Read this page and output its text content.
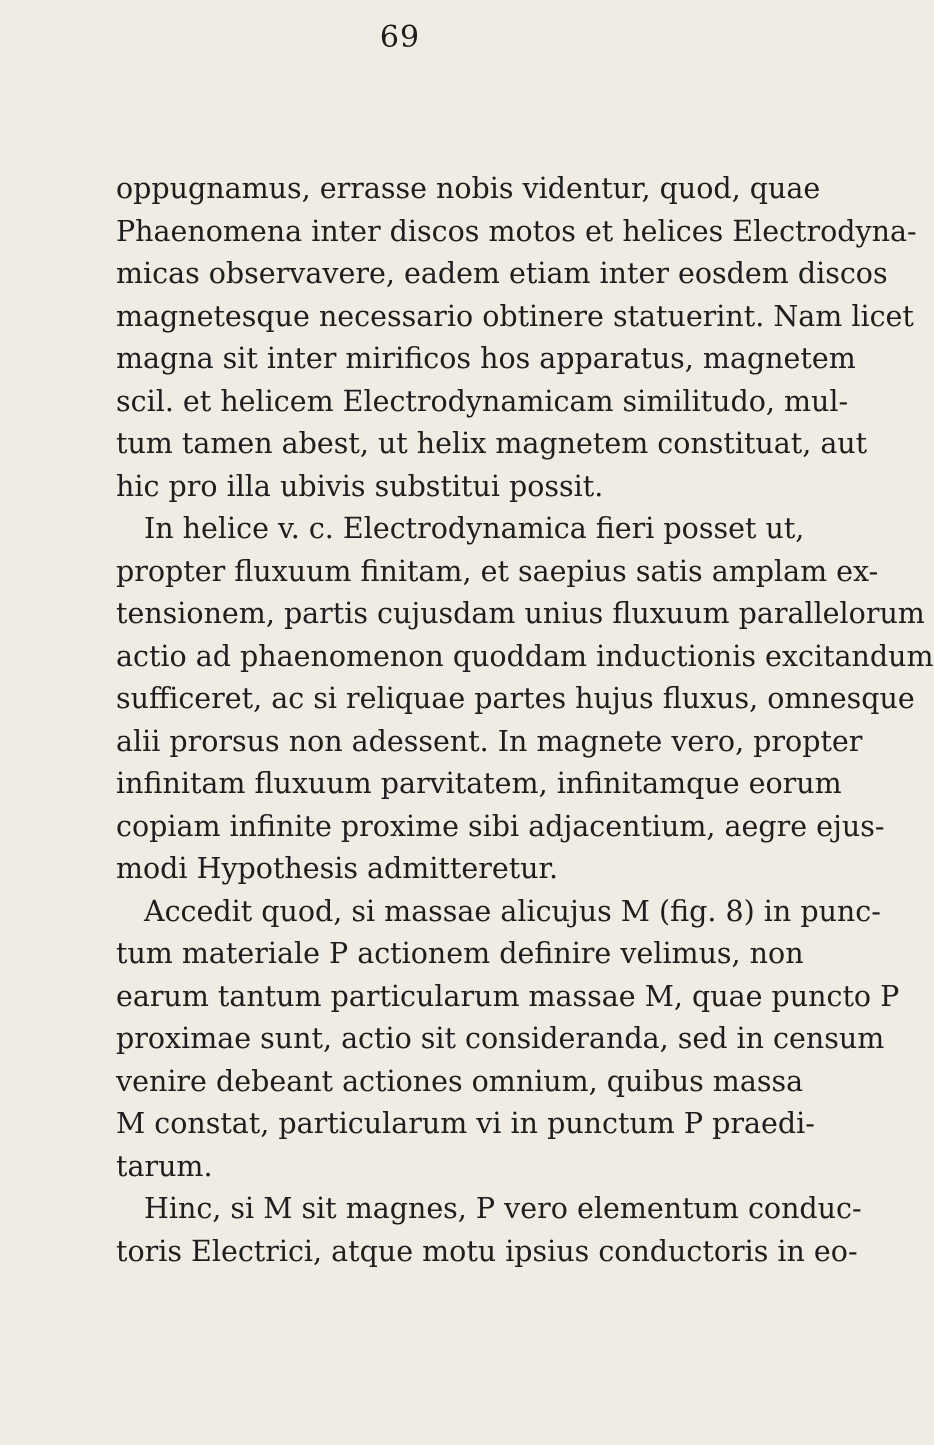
69
oppugnamus, errasse nobis videntur, quod, quae
Phaenomena inter discos motos et helices Electrodyna-
micas observavere, eadem etiam inter eosdem discos
magnetesque necessario obtinere statuerint. Nam licet
magna sit inter mirificos hos apparatus, magnetem
scil. et helicem Electrodynamicam similitudo, mul-
tum tamen abest, ut helix magnetem constituat, aut
hic pro illa ubivis substitui possit.
In helice v. c. Electrodynamica fieri posset ut,
propter fluxuum finitam, et saepius satis amplam ex-
tensionem, partis cujusdam unius fluxuum parallelorum
actio ad phaenomenon quoddam inductionis excitandum
sufficeret, ac si reliquae partes hujus fluxus, omnesque
alii prorsus non adessent. In magnete vero, propter
infinitam fluxuum parvitatem, infinitamque eorum
copiam infinite proxime sibi adjacentium, aegre ejus-
modi Hypothesis admitteretur.
Accedit quod, si massae alicujus M (fig. 8) in punc-
tum materiale P actionem definire velimus, non
earum tantum particularum massae M, quae puncto P
proximae sunt, actio sit consideranda, sed in censum
venire debeant actiones omnium, quibus massa
M constat, particularum vi in punctum P praedi-
tarum.
Hinc, si M sit magnes, P vero elementum conduc-
toris Electrici, atque motu ipsius conductoris in eo-
